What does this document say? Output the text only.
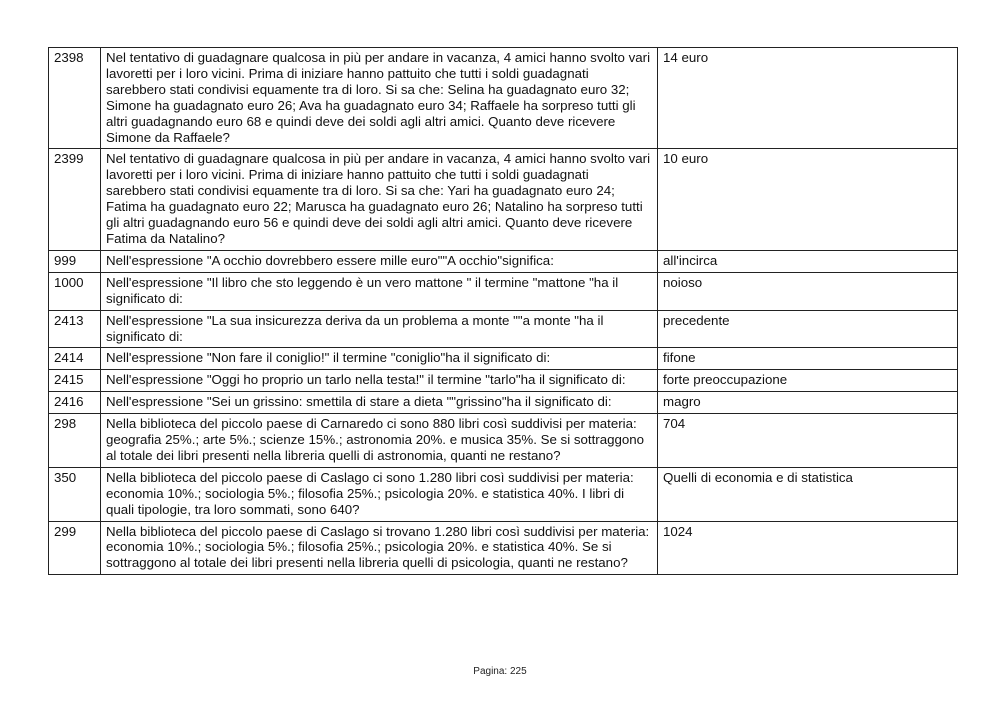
2398	Nel tentativo di guadagnare qualcosa in più per andare in vacanza, 4 amici hanno svolto vari lavoretti per i loro vicini. Prima di iniziare hanno pattuito che tutti i soldi guadagnati sarebbero stati condivisi equamente tra di loro. Si sa che: Selina ha guadagnato euro 32; Simone ha guadagnato euro 26; Ava ha guadagnato euro 34; Raffaele ha sorpreso tutti gli altri guadagnando euro 68 e quindi deve dei soldi agli altri amici. Quanto deve ricevere Simone da Raffaele?	14 euro
2399	Nel tentativo di guadagnare qualcosa in più per andare in vacanza, 4 amici hanno svolto vari lavoretti per i loro vicini. Prima di iniziare hanno pattuito che tutti i soldi guadagnati sarebbero stati condivisi equamente tra di loro. Si sa che: Yari ha guadagnato euro 24; Fatima ha guadagnato euro 22; Marusca ha guadagnato euro 26; Natalino ha sorpreso tutti gli altri guadagnando euro 56 e quindi deve dei soldi agli altri amici. Quanto deve ricevere Fatima da Natalino?	10 euro
999	Nell'espressione "A occhio dovrebbero essere mille euro""A occhio"significa:	all'incirca
1000	Nell'espressione "Il libro che sto leggendo è un vero mattone " il termine "mattone "ha il significato di:	noioso
2413	Nell'espressione "La sua insicurezza deriva da un problema a monte ""a monte "ha il significato di:	precedente
2414	Nell'espressione "Non fare il coniglio!" il termine "coniglio"ha il significato di:	fifone
2415	Nell'espressione "Oggi ho proprio un tarlo nella testa!" il termine "tarlo"ha il significato di:	forte preoccupazione
2416	Nell'espressione "Sei un grissino: smettila di stare a dieta ""grissino"ha il significato di:	magro
298	Nella biblioteca del piccolo paese di Carnaredo ci sono 880 libri così suddivisi per materia: geografia 25%.; arte 5%.; scienze 15%.; astronomia 20%. e musica 35%. Se si sottraggono al totale dei libri presenti nella libreria quelli di astronomia, quanti ne restano?	704
350	Nella biblioteca del piccolo paese di Caslago ci sono 1.280 libri così suddivisi per materia: economia 10%.; sociologia 5%.; filosofia 25%.; psicologia 20%. e statistica 40%. I libri di quali tipologie, tra loro sommati, sono 640?	Quelli di economia e di statistica
299	Nella biblioteca del piccolo paese di Caslago si trovano 1.280 libri così suddivisi per materia: economia 10%.; sociologia 5%.; filosofia 25%.; psicologia 20%. e statistica 40%. Se si sottraggono al totale dei libri presenti nella libreria quelli di psicologia, quanti ne restano?	1024
Pagina: 225
